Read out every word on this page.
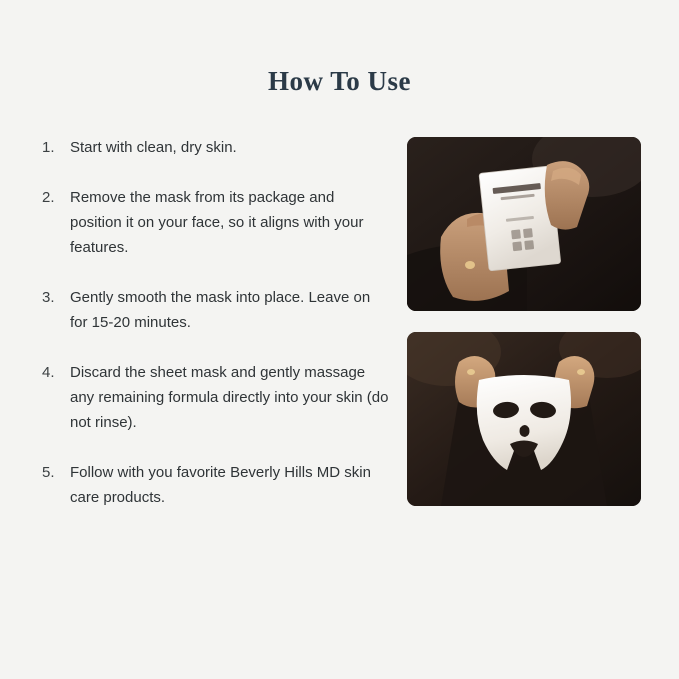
How To Use
1.	Start with clean, dry skin.
2.	Remove the mask from its package and position it on your face, so it aligns with your features.
3.	Gently smooth the mask into place. Leave on for 15-20 minutes.
4.	Discard the sheet mask and gently massage any remaining formula directly into your skin (do not rinse).
5.	Follow with you favorite Beverly Hills MD skin care products.
